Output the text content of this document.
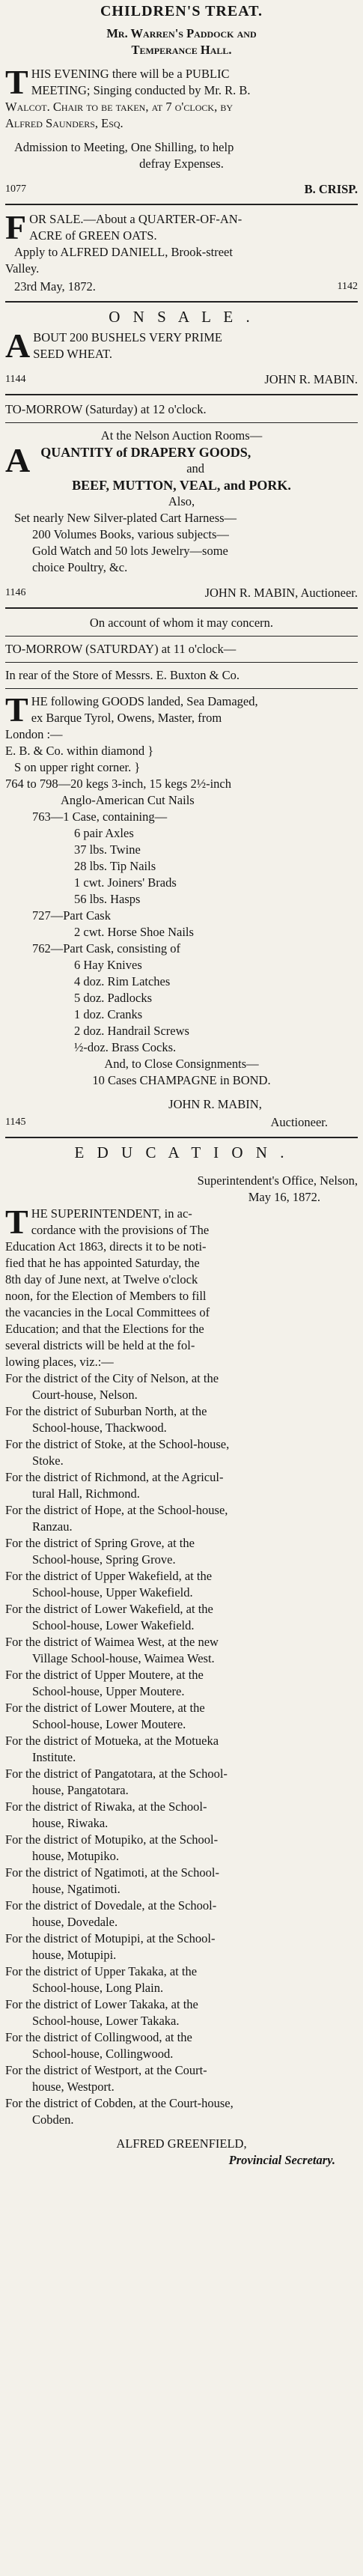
CHILDREN'S TREAT.
Mr. Warren's Paddock and
Temperance Hall.
T HIS EVENING there will be a PUBLIC
MEETING; Singing conducted by Mr. R. B.
Walcot. Chair to be taken, at 7 o'clock, by
Alfred Saunders, Esq.
Admission to Meeting, One Shilling, to help
defray Expenses.
1077	B. CRISP.
F OR SALE.—About a QUARTER-OF-AN-
ACRE of GREEN OATS.
Apply to ALFRED DANIELL, Brook-street
Valley.
23rd May, 1872.	1142
O N S A L E .
A BOUT 200 BUSHELS VERY PRIME
SEED WHEAT.
1144	JOHN R. MABIN.
TO-MORROW (Saturday) at 12 o'clock.
At the Nelson Auction Rooms—
A QUANTITY of DRAPERY GOODS,
and
BEEF, MUTTON, VEAL, and PORK.
Also,
Set nearly New Silver-plated Cart Harness—
200 Volumes Books, various subjects—
Gold Watch and 50 lots Jewelry—some
choice Poultry, &c.
1146	JOHN R. MABIN, Auctioneer.
On account of whom it may concern.
TO-MORROW (SATURDAY) at 11 o'clock—
In rear of the Store of Messrs. E. Buxton & Co.
T HE following GOODS landed, Sea Damaged,
ex Barque Tyrol, Owens, Master, from
London :—
E. B. & Co. within diamond }
S on upper right corner. }
764 to 798—20 kegs 3-inch, 15 kegs 2½-inch
Anglo-American Cut Nails
763—1 Case, containing—
6 pair Axles
37 lbs. Twine
28 lbs. Tip Nails
1 cwt. Joiners' Brads
56 lbs. Hasps
727—Part Cask
2 cwt. Horse Shoe Nails
762—Part Cask, consisting of
6 Hay Knives
4 doz. Rim Latches
5 doz. Padlocks
1 doz. Cranks
2 doz. Handrail Screws
½-doz. Brass Cocks.
And, to Close Consignments—
10 Cases CHAMPAGNE in BOND.
JOHN R. MABIN,
1145	Auctioneer.
E D U C A T I O N .
Superintendent's Office, Nelson,
May 16, 1872.
T HE SUPERINTENDENT, in ac-
cordance with the provisions of The
Education Act 1863, directs it to be noti-
fied that he has appointed Saturday, the
8th day of June next, at Twelve o'clock
noon, for the Election of Members to fill
the vacancies in the Local Committees of
Education; and that the Elections for the
several districts will be held at the fol-
lowing places, viz.:—
For the district of the City of Nelson, at the
Court-house, Nelson.
For the district of Suburban North, at the
School-house, Thackwood.
For the district of Stoke, at the School-house,
Stoke.
For the district of Richmond, at the Agricul-
tural Hall, Richmond.
For the district of Hope, at the School-house,
Ranzau.
For the district of Spring Grove, at the
School-house, Spring Grove.
For the district of Upper Wakefield, at the
School-house, Upper Wakefield.
For the district of Lower Wakefield, at the
School-house, Lower Wakefield.
For the district of Waimea West, at the new
Village School-house, Waimea West.
For the district of Upper Moutere, at the
School-house, Upper Moutere.
For the district of Lower Moutere, at the
School-house, Lower Moutere.
For the district of Motueka, at the Motueka
Institute.
For the district of Pangatotara, at the School-
house, Pangatotara.
For the district of Riwaka, at the School-
house, Riwaka.
For the district of Motupiko, at the School-
house, Motupiko.
For the district of Ngatimoti, at the School-
house, Ngatimoti.
For the district of Dovedale, at the School-
house, Dovedale.
For the district of Motupipi, at the School-
house, Motupipi.
For the district of Upper Takaka, at the
School-house, Long Plain.
For the district of Lower Takaka, at the
School-house, Lower Takaka.
For the district of Collingwood, at the
School-house, Collingwood.
For the district of Westport, at the Court-
house, Westport.
For the district of Cobden, at the Court-house,
Cobden.
ALFRED GREENFIELD,
Provincial Secretary.
